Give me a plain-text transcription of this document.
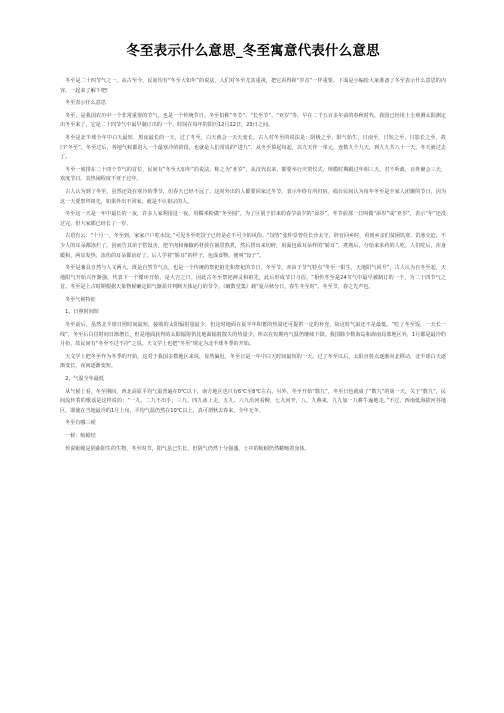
冬至表示什么意思_冬至寓意代表什么意思

冬至是二十四节气之一。从古至今，民间均有“冬至大如年”的说法，人们对冬至尤其重视，把它看得和“岁首”一样重要。下面是小编给大家准备了冬至表示什么意思的内容，一起来了解下吧!

冬至表示什么意思

冬至，是我国农历中一个非常重要的节气，也是一个传统节日。冬至俗称“冬节”、“长至节”、“亚岁”等。早在二千五百多年前的春秋时代，我国已经用土圭观测太阳测定出冬至来了，它是二十四节气中最早制订出的一个。时间在每年的阳历12月22日，23日之间。

冬至是北半球全年中白天最短、黑夜最长的一天，过了冬至，白天就会一天天变长。古人对冬至的说法是：阴极之至，阳气始生，日南至，日短之至，日影长之至，故曰“冬至”。冬至过后，各地气候都进入一个最寒冷的阶段，也就是人们常说的“进九”，从冬至算起每起，以九天作一单元，连数九个九天，到九九共八十一天，冬天就过去了。

冬至一度排在二十四个节气的首位，民间有“冬至大如年”的说法，称之为“亚岁”。从汉代以来，都要举行庆贺仪式，规模时期跟过年相三天，君不听政，百姓聚会三天，欢度节日。其热闹程度不亚于过年。

古人认为到了冬至，虽然还处在寒冷的季节，但春天已经不远了。这时外出的人都要回家过冬节，表示年终有所归宿。福台民间认为每年冬至是全家人团聚的节日，因为这一天要祭拜祖先，如果外出不回家，就是不认祖宗的人。

冬至这一天是一年中最长的一夜，许多人家利用这一夜，用糯米粉做“冬至圆”，为了区别于旧来的春节前夕的“添岁”，冬节前那一日叫做“添岁”或“亚岁”，表示“年”还没过完，但大家都已经长了一岁。

古语有云：“十月一，冬至到，家家户户吃水饺。”可见冬至吃饺子已经是必不可少的风俗。“饺皆”张仲景曾任长沙太守，辞官回乡时，看到乡亲们贫困饥寒，饥寒交迫，不少人的耳朵都冻烂了。因而告其弟子搭设舍，把羊肉和辣椒药材放在锅里熬煮，然后捞出来切碎，用面包成耳朵样的“娇耳”，煮熟后，分给来求药的人吃。人们吃后，浑身暖和，两耳发热，冻伤的耳朵都治好了。后人学着“娇耳”的样子，包成食物，便叫“饺子”。

冬至是兼具自然与人文两大，既是自然节气点，也是一个传统的祭祀祖先和祭祀的节日。冬至节，亦由于节气特点“冬至一阳生，天地阳气回升”，古人认为自冬至起，天地阳气开始兴作渐强，代表下一个循环开始，是大吉之日。因此古冬至祭祀神灵和祖先，此后形成节日习俗。“相传冬至是24节气中最早被制订的一个，为二十四节气之首。冬至是上古时期根据天象物候确定阳气渐盈并判断天体运行的节令。《破数堂集》载“夏尽秋分日，春生冬至时”。冬至节，春之先声也。

冬至气候特征

1、日照时间短

冬至前后，虽然北半球日照时间最短，接收的太阳辐射量最少，但这时地面在夏半年积蓄的热量还可提供一定的补充，故这时气温还不是最低。“吃了冬至饭，一天长一线”，冬至后白昼时间日渐增长，但是地面获得的太阳辐射仍比地面辐射散失的热量少，所以在短期内气温仍继续下降。我国除少数海岛和海南局部地区外，1月都是最冷的月份，故民间有“冬至不过不冷”之说。天文学上也把“冬至”规定为北半球冬季的开始。

天文学上把冬至作为冬季的开始，这对于我国多数地区来说，显然偏迟。冬至日是一年中白天时间最短的一天。过了冬至以后，太阳直射点逐渐向北移动，北半球白天逐渐变长，夜间逐渐变短。

2、气温全年最低

从气候上看，冬至期间，西北高原平均气温普遍在0℃以下，南方地区也只有6℃至8℃左右。另外，冬至开始“数九”，冬至日也就成了“数九”的第一天。关于“数九”，民间流传着的歌谣是这样说的：“一九、二九不出手，三九、四九冰上走，五九、六九沿河看柳，七九河开，八，九燕来，九九加一九耕牛遍地走。”不过，西南低海拔河谷地区，即使在当地最冷的1月上旬，平均气温仍然在10℃以上，真可谓秋去春来，全年无冬。

冬至有哪三候

一候：蚯蚓结

传说蚯蚓是阴曲阳生的生物，冬至时节，阳气虽已生长，但阴气仍然十分强盛，土中的蚯蚓仍然蜷缩着身体。
